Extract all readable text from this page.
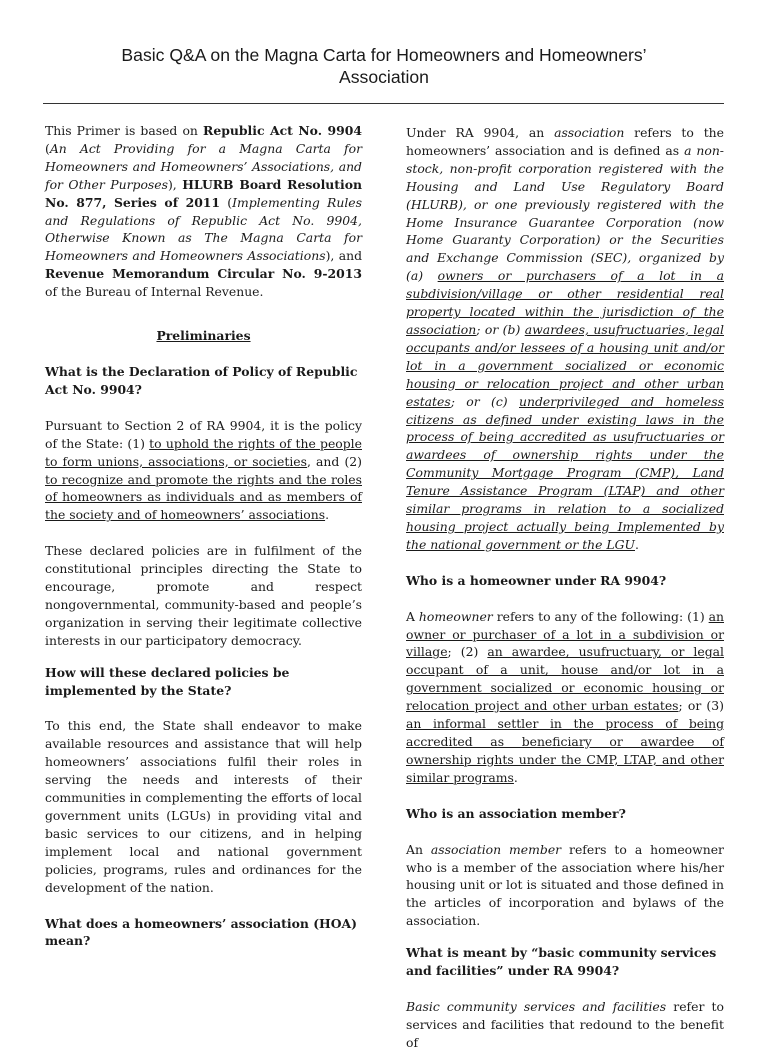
Basic Q&A on the Magna Carta for Homeowners and Homeowners’
Association

This Primer is based on Republic Act No. 9904 (An Act Providing for a Magna Carta for Homeowners and Homeowners’ Associations, and for Other Purposes), HLURB Board Resolution No. 877, Series of 2011 (Implementing Rules and Regulations of Republic Act No. 9904, Otherwise Known as The Magna Carta for Homeowners and Homeowners Associations), and Revenue Memorandum Circular No. 9-2013 of the Bureau of Internal Revenue.

Preliminaries

What is the Declaration of Policy of Republic Act No. 9904?

Pursuant to Section 2 of RA 9904, it is the policy of the State: (1) to uphold the rights of the people to form unions, associations, or societies, and (2) to recognize and promote the rights and the roles of homeowners as individuals and as members of the society and of homeowners’ associations.

These declared policies are in fulfilment of the constitutional principles directing the State to encourage, promote and respect nongovernmental, community-based and people’s organization in serving their legitimate collective interests in our participatory democracy.

How will these declared policies be implemented by the State?

To this end, the State shall endeavor to make available resources and assistance that will help homeowners’ associations fulfil their roles in serving the needs and interests of their communities in complementing the efforts of local government units (LGUs) in providing vital and basic services to our citizens, and in helping implement local and national government policies, programs, rules and ordinances for the development of the nation.

What does a homeowners’ association (HOA) mean?

Under RA 9904, an association refers to the homeowners’ association and is defined as a non-stock, non-profit corporation registered with the Housing and Land Use Regulatory Board (HLURB), or one previously registered with the Home Insurance Guarantee Corporation (now Home Guaranty Corporation) or the Securities and Exchange Commission (SEC), organized by (a) owners or purchasers of a lot in a subdivision/village or other residential real property located within the jurisdiction of the association; or (b) awardees, usufructuaries, legal occupants and/or lessees of a housing unit and/or lot in a government socialized or economic housing or relocation project and other urban estates; or (c) underprivileged and homeless citizens as defined under existing laws in the process of being accredited as usufructuaries or awardees of ownership rights under the Community Mortgage Program (CMP), Land Tenure Assistance Program (LTAP) and other similar programs in relation to a socialized housing project actually being Implemented by the national government or the LGU.

Who is a homeowner under RA 9904?

A homeowner refers to any of the following: (1) an owner or purchaser of a lot in a subdivision or village; (2) an awardee, usufructuary, or legal occupant of a unit, house and/or lot in a government socialized or economic housing or relocation project and other urban estates; or (3) an informal settler in the process of being accredited as beneficiary or awardee of ownership rights under the CMP, LTAP, and other similar programs.

Who is an association member?

An association member refers to a homeowner who is a member of the association where his/her housing unit or lot is situated and those defined in the articles of incorporation and bylaws of the association.

What is meant by “basic community services and facilities” under RA 9904?

Basic community services and facilities refer to services and facilities that redound to the benefit of
